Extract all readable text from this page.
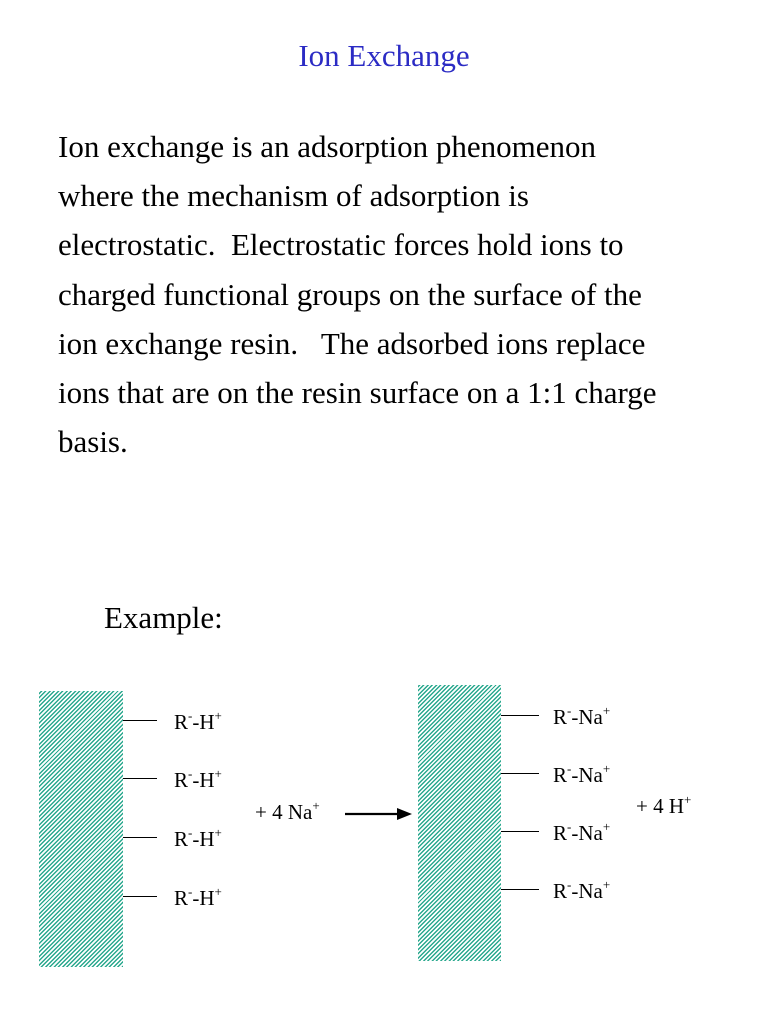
Ion Exchange
Ion exchange is an adsorption phenomenon
where the mechanism of adsorption is
electrostatic.  Electrostatic forces hold ions to
charged functional groups on the surface of the
ion exchange resin.   The adsorbed ions replace
ions that are on the resin surface on a 1:1 charge
basis.
Example:
R--H+
R--H+
R--H+
R--H+
+ 4 Na+
R--Na+
R--Na+
R--Na+
R--Na+
+ 4 H+
